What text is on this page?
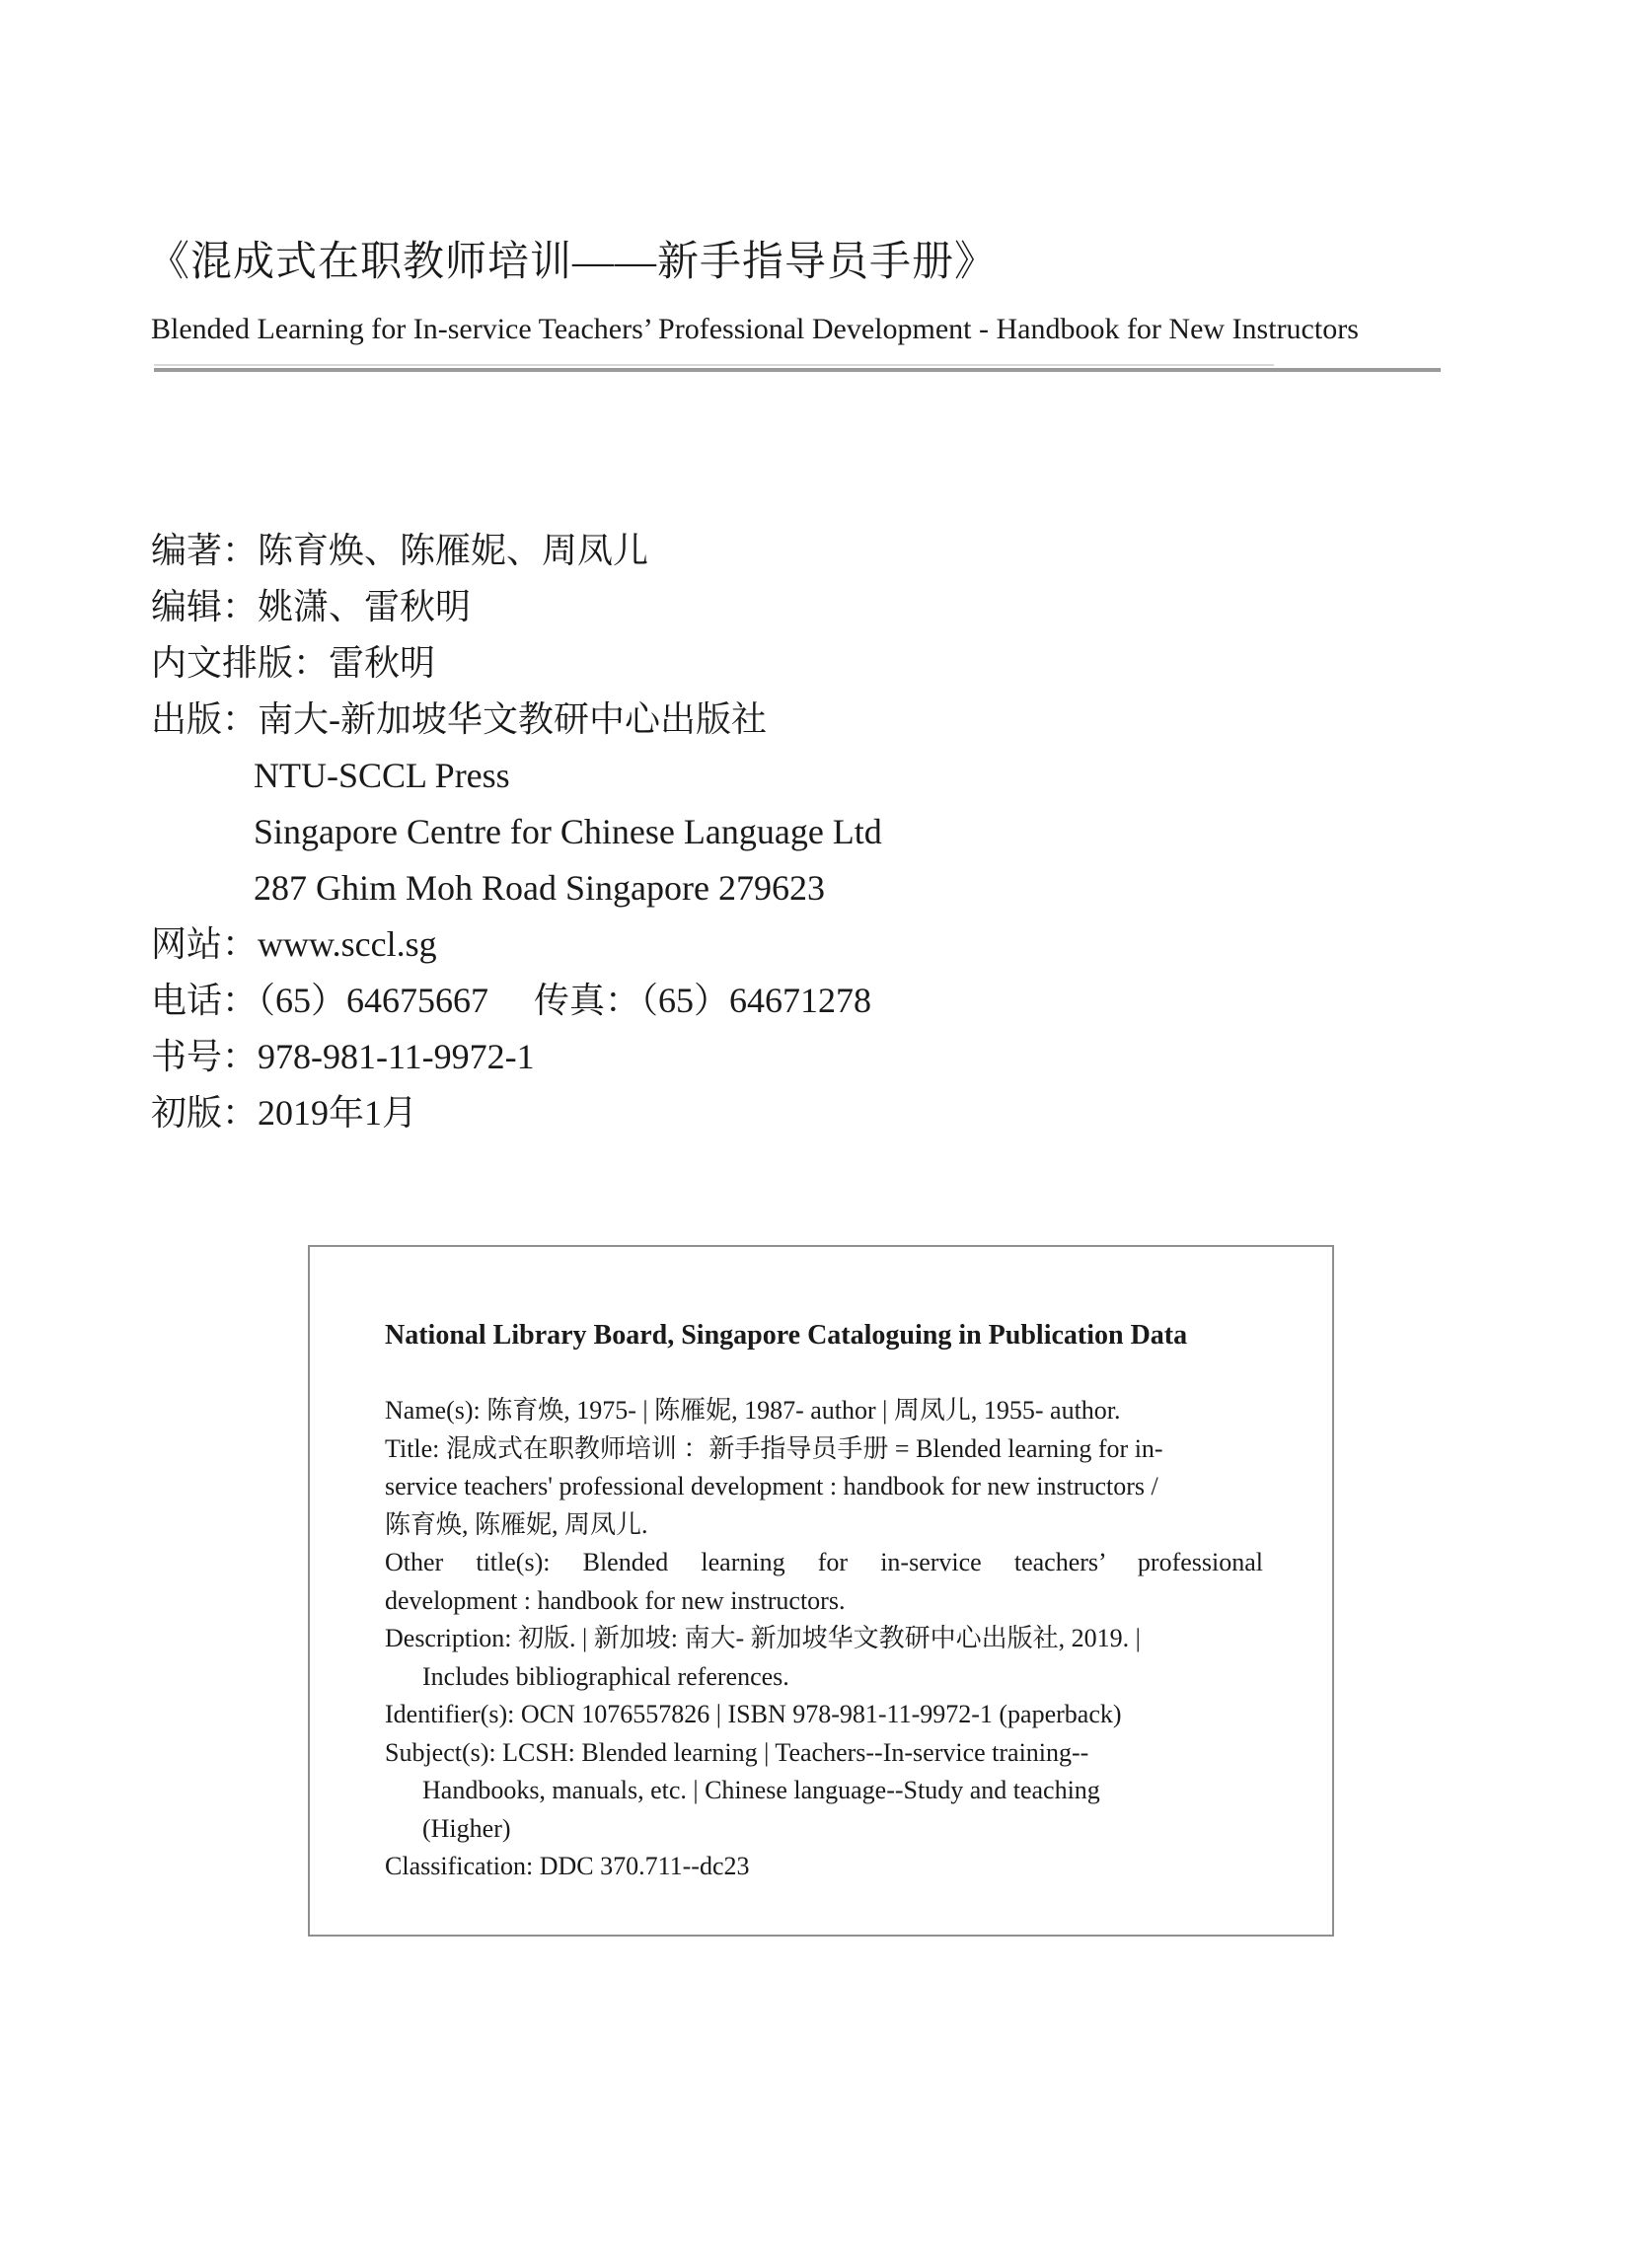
《混成式在职教师培训——新手指导员手册》
Blended Learning for In-service Teachers’ Professional Development - Handbook for New Instructors
编著：陈育焕、陈雁妮、周凤儿
编辑：姚潇、雷秋明
内文排版：雷秋明
出版：南大-新加坡华文教研中心出版社
NTU-SCCL Press
Singapore Centre for Chinese Language Ltd
287 Ghim Moh Road Singapore 279623
网站：www.sccl.sg
电话：（65）64675667 传真：（65）64671278
书号：978-981-11-9972-1
初版：2019年1月
National Library Board, Singapore Cataloguing in Publication Data
Name(s): 陈育焕, 1975- | 陈雁妮, 1987- author | 周凤儿, 1955- author.
Title: 混成式在职教师培训 ：新手指导员手册 = Blended learning for in-
service teachers' professional development : handbook for new instructors /
陈育焕, 陈雁妮, 周凤儿.
Other title(s): Blended learning for in-service teachers’ professional
development : handbook for new instructors.
Description: 初版. | 新加坡: 南大- 新加坡华文教研中心出版社, 2019. |
Includes bibliographical references.
Identifier(s): OCN 1076557826 | ISBN 978-981-11-9972-1 (paperback)
Subject(s): LCSH: Blended learning | Teachers--In-service training--
Handbooks, manuals, etc. | Chinese language--Study and teaching
(Higher)
Classification: DDC 370.711--dc23
